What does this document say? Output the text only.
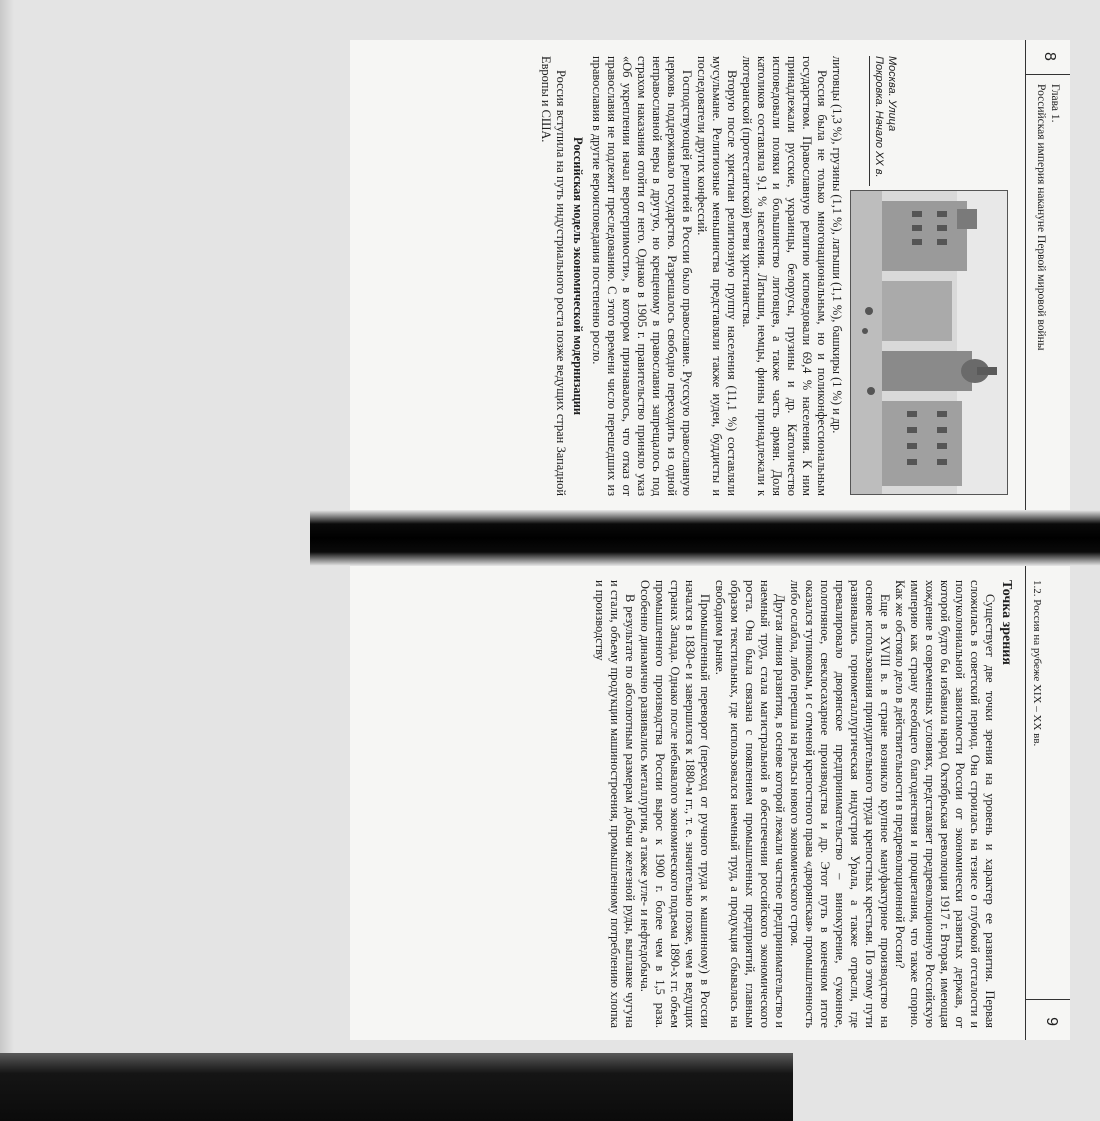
8
Глава 1.
Российская империя накануне Первой мировой войны
Москва. Улица
Покровка. Начало XX в.

литовцы (1,3 %), грузины (1,1 %), латыши (1,1 %), башкиры (1 %) и др.

Россия была не только многонациональным, но и поликонфессиональным государством. Православную религию исповедовали 69,4 % населения. К ним принадлежали русские, украинцы, белорусы, грузины и др. Католичество исповедовали поляки и большинство литовцев, а также часть армян. Доля католиков составляла 9,1 % населения. Латыши, немцы, финны принадлежали к лютеранской (протестантской) ветви христианства.

Вторую после христиан религиозную группу населения (11,1 %) составляли мусульмане. Религиозные меньшинства представляли также иудеи, буддисты и последователи других конфессий.

Господствующей религией в России было православие. Русскую православную церковь поддерживало государство. Разрешалось свободно переходить из одной неправославной веры в другую, но крещеному в православии запрещалось под страхом наказания отойти от него. Однако в 1905 г. правительство приняло указ «Об укреплении начал веротерпимости», в котором признавалось, что отказ от православия не подлежит преследованию. С этого времени число перешедших из православия в другие вероисповедания постепенно росло.

Российская модель экономической модернизации

Россия вступила на путь индустриального роста позже ведущих стран Западной Европы и США.

1.2. Россия на рубеже XIX – XX вв.
9
Точка зрения

Существует две точки зрения на уровень и характер ее развития. Первая сложилась в советский период. Она строилась на тезисе о глубокой отсталости и полуколониальной зависимости России от экономически развитых держав, от которой будто бы избавила народ Октябрьская революция 1917 г. Вторая, имеющая хождение в современных условиях, представляет предреволюционную Российскую империю как страну всеобщего благоденствия и процветания, что также спорно. Как же обстояло дело в действительности в предреволюционной России?

Еще в XVIII в. в стране возникло крупное мануфактурное производство на основе использования принудительного труда крепостных крестьян. По этому пути развивались горнометаллургическая индустрия Урала, а также отрасли, где превалировало дворянское предпринимательство – винокурение, суконное, полотняное, свеклосахарное производства и др. Этот путь в конечном итоге оказался тупиковым, и с отменой крепостного права «дворянская» промышленность либо ослабла, либо перешла на рельсы нового экономического строя.

Другая линия развития, в основе которой лежали частное предпринимательство и наемный труд, стала магистральной в обеспечении российского экономического роста. Она была связана с появлением промышленных предприятий, главным образом текстильных, где использовался наемный труд, а продукция сбывалась на свободном рынке.

Промышленный переворот (переход от ручного труда к машинному) в России начался в 1830-е и завершился к 1880-м гг., т. е. значительно позже, чем в ведущих странах Запада. Однако после небывалого экономического подъема 1890-х гг. объем промышленного производства России вырос к 1900 г. более чем в 1,5 раза. Особенно динамично развивались металлургия, а также угле- и нефтедобыча.

В результате по абсолютным размерам добычи железной руды, выплавке чугуна и стали, объему продукции машиностроения, промышленному потреблению хлопка и производству
